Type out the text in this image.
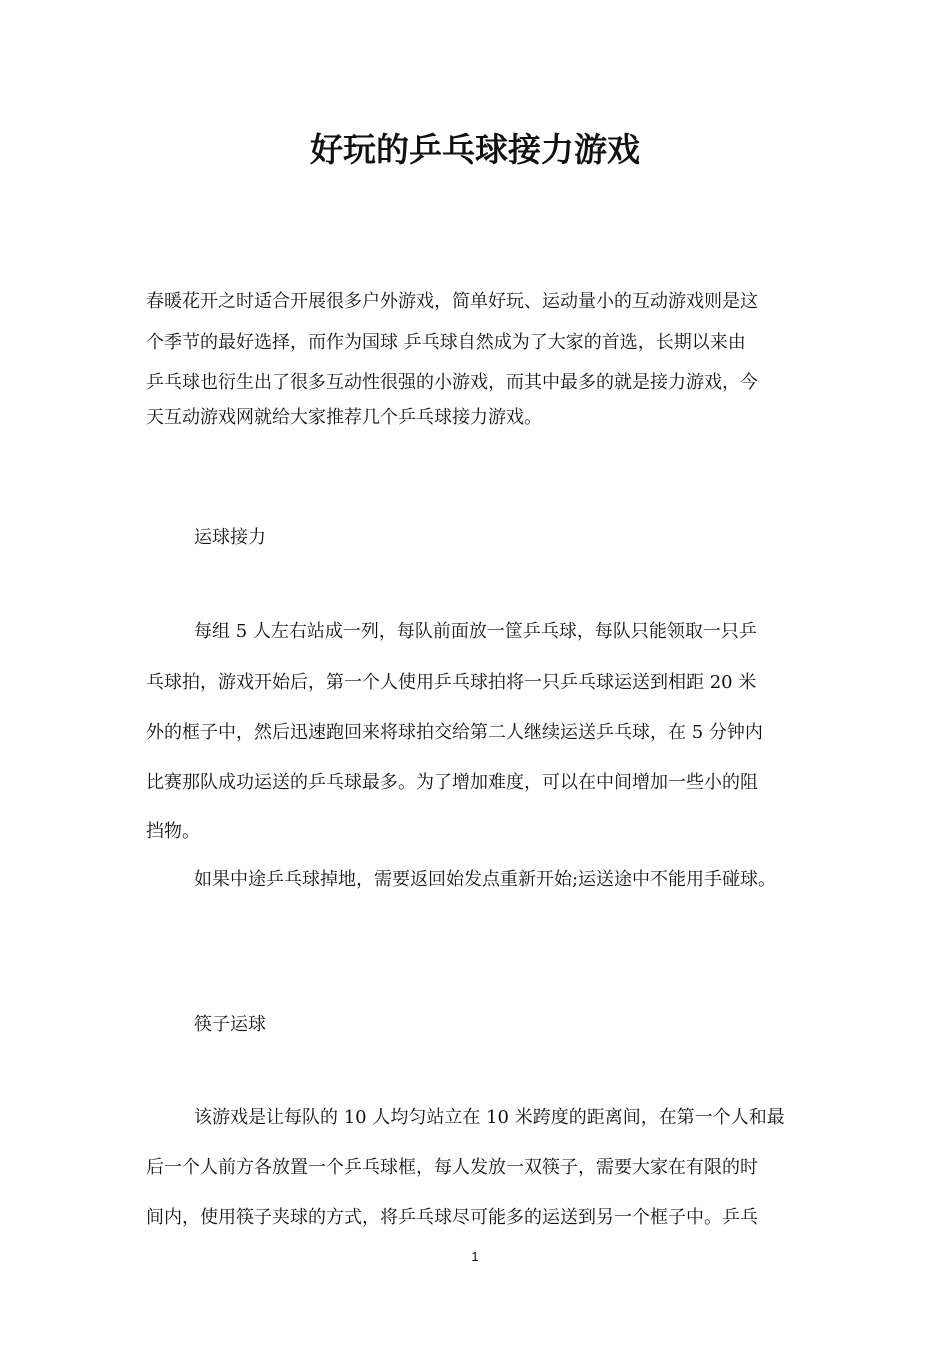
好玩的乒乓球接力游戏
春暖花开之时适合开展很多户外游戏，简单好玩、运动量小的互动游戏则是这
个季节的最好选择，而作为国球 乒乓球自然成为了大家的首选，长期以来由
乒乓球也衍生出了很多互动性很强的小游戏，而其中最多的就是接力游戏，今
天互动游戏网就给大家推荐几个乒乓球接力游戏。
运球接力
每组 5 人左右站成一列，每队前面放一筐乒乓球，每队只能领取一只乒
乓球拍，游戏开始后，第一个人使用乒乓球拍将一只乒乓球运送到相距 20 米
外的框子中，然后迅速跑回来将球拍交给第二人继续运送乒乓球，在 5 分钟内
比赛那队成功运送的乒乓球最多。为了增加难度，可以在中间增加一些小的阻
挡物。
如果中途乒乓球掉地，需要返回始发点重新开始;运送途中不能用手碰球。
筷子运球
该游戏是让每队的 10 人均匀站立在 10 米跨度的距离间，在第一个人和最
后一个人前方各放置一个乒乓球框，每人发放一双筷子，需要大家在有限的时
间内，使用筷子夹球的方式，将乒乓球尽可能多的运送到另一个框子中。乒乓
1
